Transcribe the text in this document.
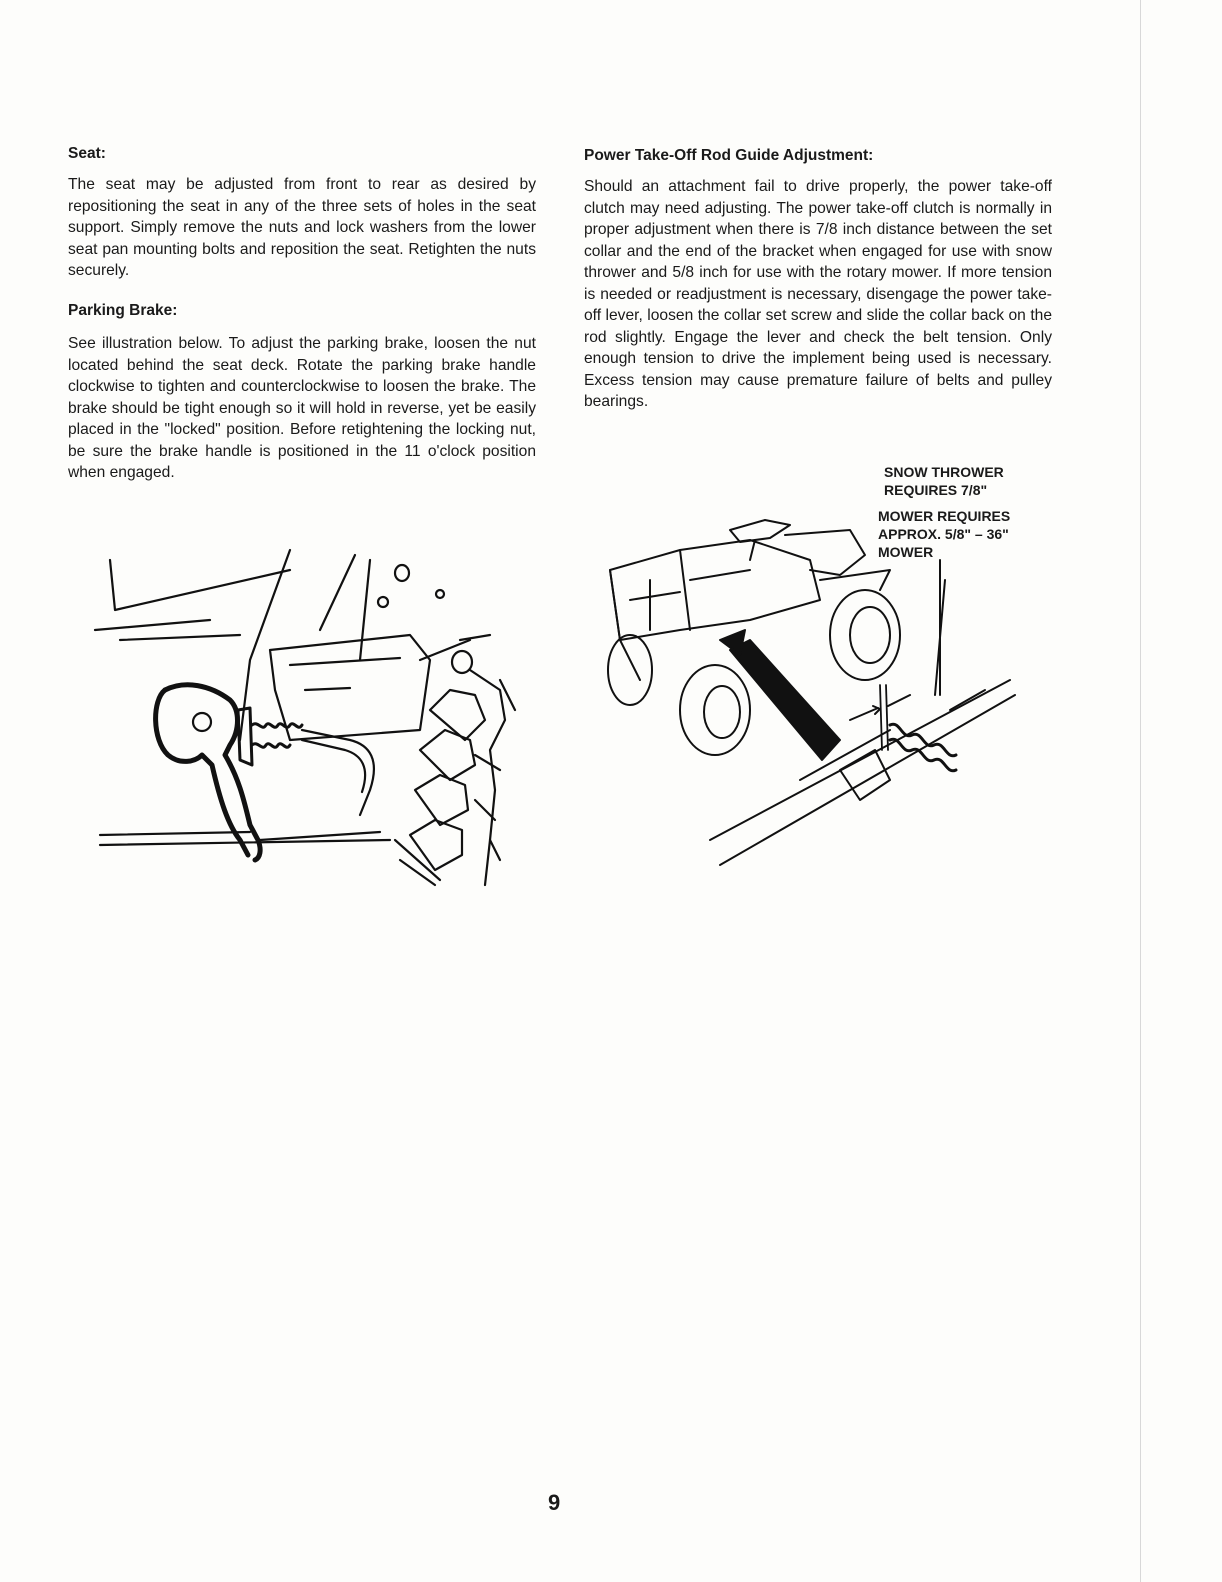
Seat:

The seat may be adjusted from front to rear as desired by repositioning the seat in any of the three sets of holes in the seat support. Simply remove the nuts and lock washers from the lower seat pan mounting bolts and reposition the seat. Retighten the nuts securely.

Parking Brake:

See illustration below. To adjust the parking brake, loosen the nut located behind the seat deck. Rotate the parking brake handle clockwise to tighten and counterclockwise to loosen the brake. The brake should be tight enough so it will hold in reverse, yet be easily placed in the "locked" position. Before retightening the locking nut, be sure the brake handle is positioned in the 11 o'clock position when engaged.

Power Take-Off Rod Guide Adjustment:

Should an attachment fail to drive properly, the power take-off clutch may need adjusting. The power take-off clutch is normally in proper adjustment when there is 7/8 inch distance between the set collar and the end of the bracket when engaged for use with snow thrower and 5/8 inch for use with the rotary mower. If more tension is needed or readjustment is necessary, disengage the power take-off lever, loosen the collar set screw and slide the collar back on the rod slightly. Engage the lever and check the belt tension. Only enough tension to drive the implement being used is necessary. Excess tension may cause premature failure of belts and pulley bearings.

SNOW THROWER REQUIRES 7/8"

MOWER REQUIRES APPROX. 5/8" – 36" MOWER

9
